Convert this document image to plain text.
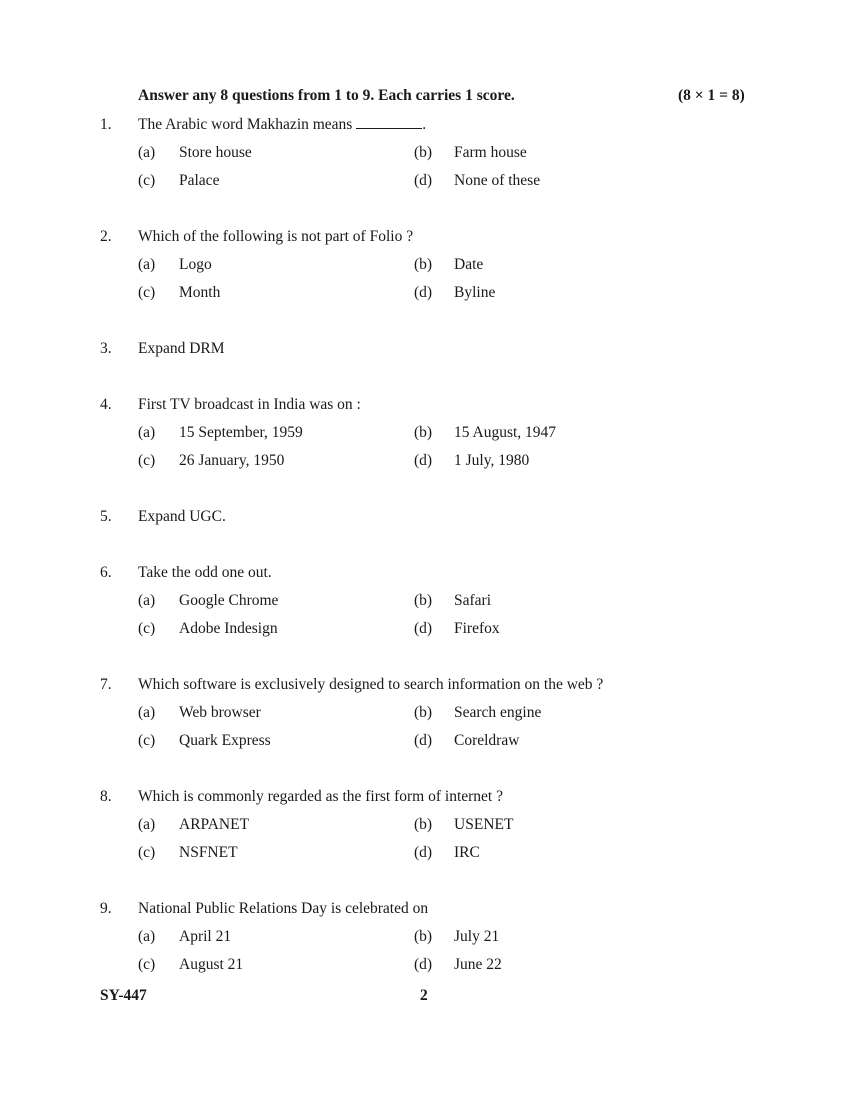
Answer any 8 questions from 1 to 9. Each carries 1 score.	(8 × 1 = 8)
1. The Arabic word Makhazin means	.
(a) Store house	(b) Farm house
(c) Palace	(d) None of these
2. Which of the following is not part of Folio ?
(a) Logo	(b) Date
(c) Month	(d) Byline
3. Expand DRM
4. First TV broadcast in India was on :
(a) 15 September, 1959	(b) 15 August, 1947
(c) 26 January, 1950	(d) 1 July, 1980
5. Expand UGC.
6. Take the odd one out.
(a) Google Chrome	(b) Safari
(c) Adobe Indesign	(d) Firefox
7. Which software is exclusively designed to search information on the web ?
(a) Web browser	(b) Search engine
(c) Quark Express	(d) Coreldraw
8. Which is commonly regarded as the first form of internet ?
(a) ARPANET	(b) USENET
(c) NSFNET	(d) IRC
9. National Public Relations Day is celebrated on
(a) April 21	(b) July 21
(c) August 21	(d) June 22
SY-447	2
